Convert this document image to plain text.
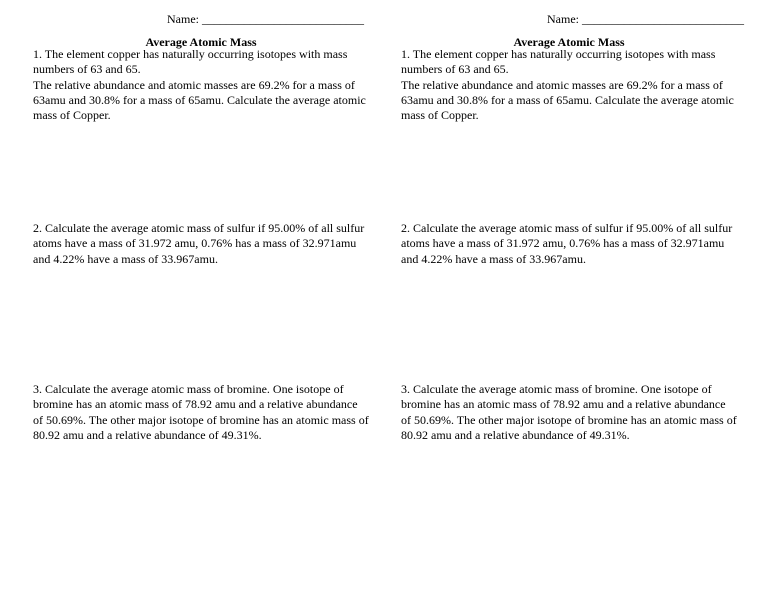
Name: ___________________________
Average Atomic Mass

1. The element copper has naturally occurring isotopes with mass numbers of 63 and 65.

The relative abundance and atomic masses are 69.2% for a mass of 63amu and 30.8% for a mass of 65amu. Calculate the average atomic mass of Copper.

2. Calculate the average atomic mass of sulfur if 95.00% of all sulfur atoms have a mass of 31.972 amu, 0.76% has a mass of 32.971amu and 4.22% have a mass of 33.967amu.
3. Calculate the average atomic mass of bromine. One isotope of bromine has an atomic mass of 78.92 amu and a relative abundance of 50.69%. The other major isotope of bromine has an atomic mass of 80.92 amu and a relative abundance of 49.31%.
Name: ___________________________
Average Atomic Mass

1. The element copper has naturally occurring isotopes with mass numbers of 63 and 65.

The relative abundance and atomic masses are 69.2% for a mass of 63amu and 30.8% for a mass of 65amu. Calculate the average atomic mass of Copper.

2. Calculate the average atomic mass of sulfur if 95.00% of all sulfur atoms have a mass of 31.972 amu, 0.76% has a mass of 32.971amu and 4.22% have a mass of 33.967amu.
3. Calculate the average atomic mass of bromine. One isotope of bromine has an atomic mass of 78.92 amu and a relative abundance of 50.69%. The other major isotope of bromine has an atomic mass of 80.92 amu and a relative abundance of 49.31%.
